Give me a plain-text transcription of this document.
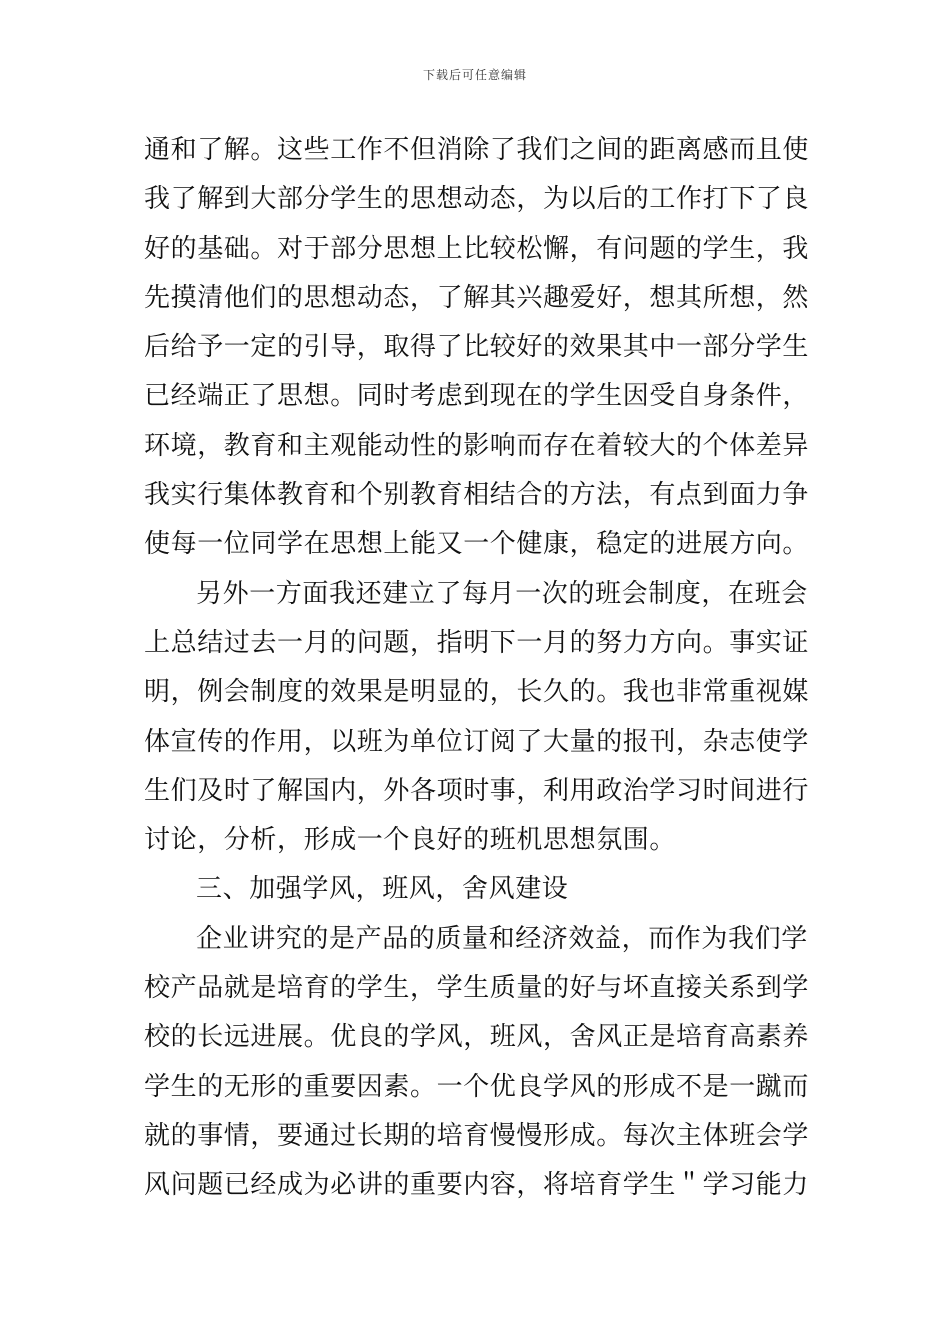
下载后可任意编辑
通和了解。这些工作不但消除了我们之间的距离感而且使
我了解到大部分学生的思想动态，为以后的工作打下了良
好的基础。对于部分思想上比较松懈，有问题的学生，我
先摸清他们的思想动态，了解其兴趣爱好，想其所想，然
后给予一定的引导，取得了比较好的效果其中一部分学生
已经端正了思想。同时考虑到现在的学生因受自身条件，
环境，教育和主观能动性的影响而存在着较大的个体差异
我实行集体教育和个别教育相结合的方法，有点到面力争
使每一位同学在思想上能又一个健康，稳定的进展方向。
另外一方面我还建立了每月一次的班会制度，在班会
上总结过去一月的问题，指明下一月的努力方向。事实证
明，例会制度的效果是明显的，长久的。我也非常重视媒
体宣传的作用，以班为单位订阅了大量的报刊，杂志使学
生们及时了解国内，外各项时事，利用政治学习时间进行
讨论，分析，形成一个良好的班机思想氛围。
三、加强学风，班风，舍风建设
企业讲究的是产品的质量和经济效益，而作为我们学
校产品就是培育的学生，学生质量的好与坏直接关系到学
校的长远进展。优良的学风，班风，舍风正是培育高素养
学生的无形的重要因素。一个优良学风的形成不是一蹴而
就的事情，要通过长期的培育慢慢形成。每次主体班会学
风问题已经成为必讲的重要内容，将培育学生＂学习能力
